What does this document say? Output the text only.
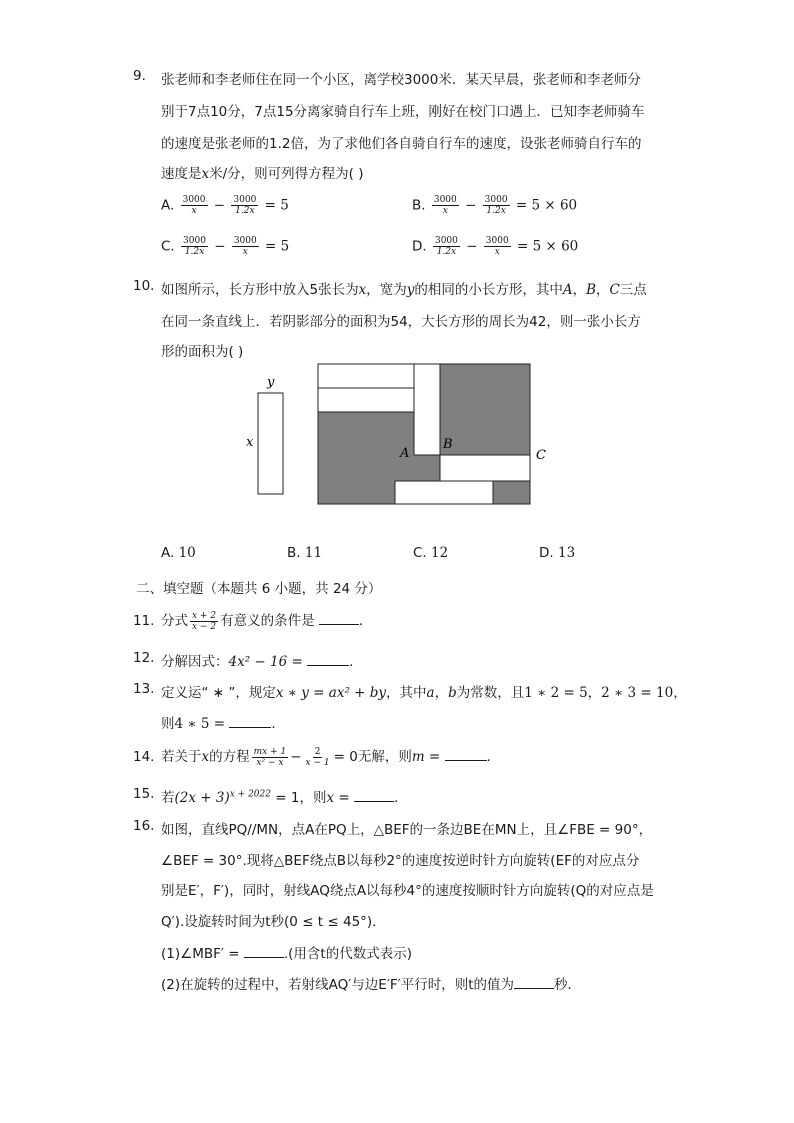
9. 张老师和李老师住在同一个小区，离学校3000米．某天早晨，张老师和李老师分
别于7点10分，7点15分离家骑自行车上班，刚好在校门口遇上．已知李老师骑车
的速度是张老师的1.2倍，为了求他们各自骑自行车的速度，设张老师骑自行车的
速度是x米/分，则可列得方程为( )
A. $\frac{3000}{x} - \frac{3000}{1.2x} = 5$	B. $\frac{3000}{x} - \frac{3000}{1.2x} = 5 \times 60$
C. $\frac{3000}{1.2x} - \frac{3000}{x} = 5$	D. $\frac{3000}{1.2x} - \frac{3000}{x} = 5 \times 60$
10. 如图所示，长方形中放入5张长为x，宽为y的相同的小长方形，其中A，B，C三点
在同一条直线上．若阴影部分的面积为54，大长方形的周长为42，则一张小长方
形的面积为( )
y
x
A
B
C
A. 10	B. 11	C. 12	D. 13
二、填空题（本题共 6 小题，共 24 分）
11. 分式 $\frac{x + 2}{x - 2}$ 有意义的条件是	．
12. 分解因式：4x² − 16 =	.
13. 定义运“ ∗ ”，规定x ∗ y = ax² + by，其中a，b为常数，且1 ∗ 2 = 5，2 ∗ 3 = 10，
则4 ∗ 5 =	.
14. 若关于x的方程 $\frac{mx + 1}{\text{x² − x}} - \frac{2}{x - 1} = 0$无解，则m =	.
15. 若$(2x + 3)^{x + 2022} = 1$，则x =	.
16. 如图，直线PQ//MN，点A在PQ上，△BEF的一条边BE在MN上，且∠FBE = 90°，
∠BEF = 30°.现将△BEF绕点B以每秒2°的速度按逆时针方向旋转(EF的对应点分
别是E′，F′)，同时，射线AQ绕点A以每秒4°的速度按顺时针方向旋转(Q的对应点是
Q′).设旋转时间为t秒(0 ≤ t ≤ 45°)．
(1)∠MBF′ =	.(用含t的代数式表示)
(2)在旋转的过程中，若射线AQ′与边E′F′平行时，则t的值为	秒．
